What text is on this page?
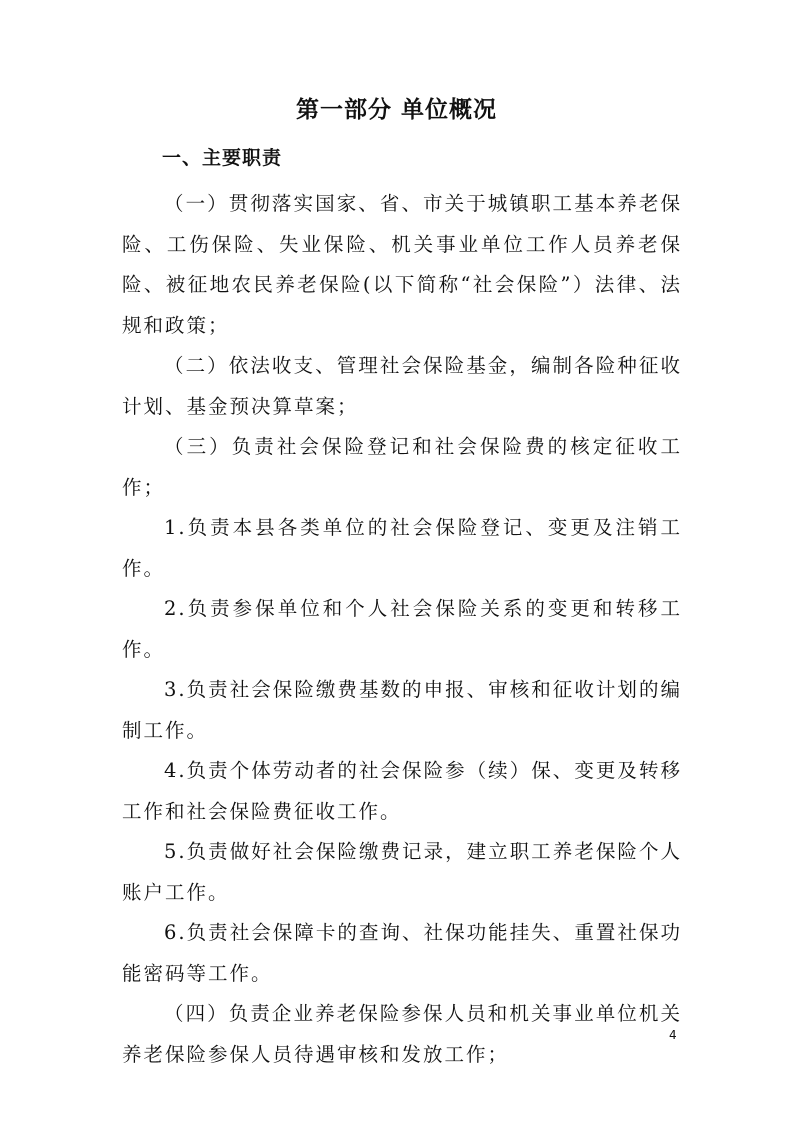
第一部分 单位概况
一、主要职责

（一）贯彻落实国家、省、市关于城镇职工基本养老保险、工伤保险、失业保险、机关事业单位工作人员养老保险、被征地农民养老保险(以下简称“社会保险”）法律、法规和政策；

（二）依法收支、管理社会保险基金，编制各险种征收计划、基金预决算草案；

（三）负责社会保险登记和社会保险费的核定征收工作；

1.负责本县各类单位的社会保险登记、变更及注销工作。

2.负责参保单位和个人社会保险关系的变更和转移工作。

3.负责社会保险缴费基数的申报、审核和征收计划的编制工作。

4.负责个体劳动者的社会保险参（续）保、变更及转移工作和社会保险费征收工作。

5.负责做好社会保险缴费记录，建立职工养老保险个人账户工作。

6.负责社会保障卡的查询、社保功能挂失、重置社保功能密码等工作。

（四）负责企业养老保险参保人员和机关事业单位机关养老保险参保人员待遇审核和发放工作；

4
